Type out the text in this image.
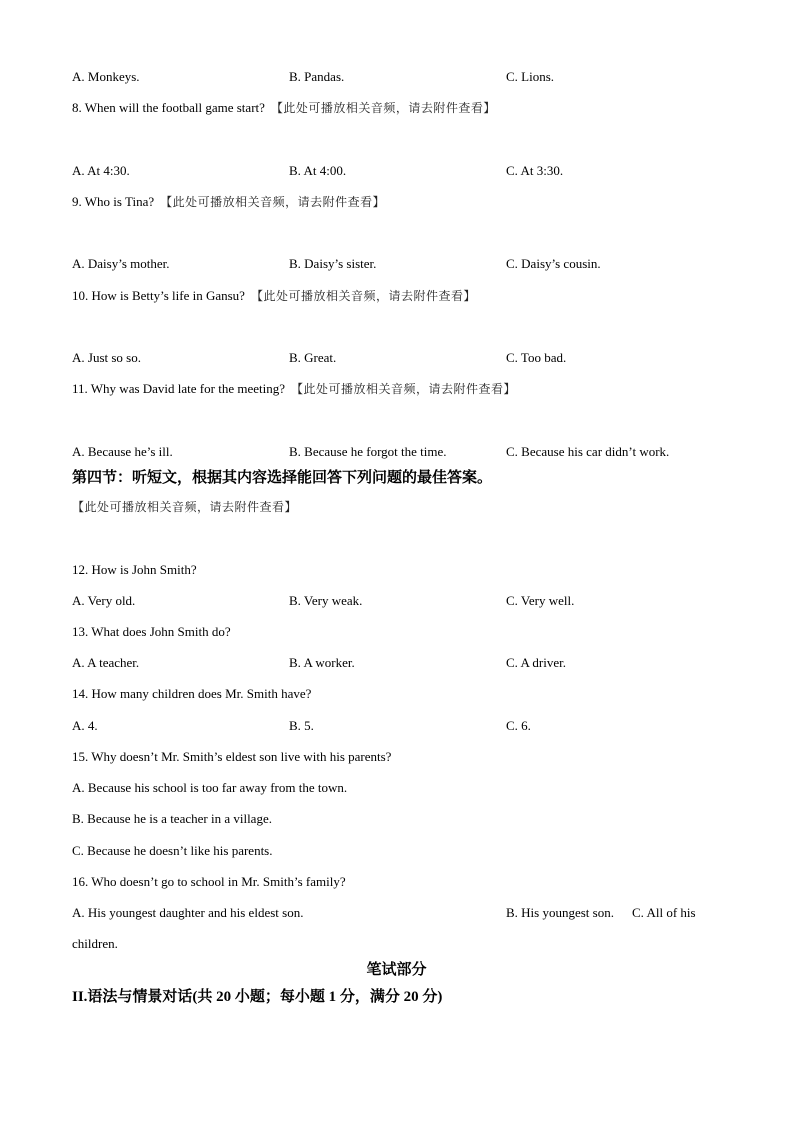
A. Monkeys.	B. Pandas.	C. Lions.
8. When will the football game start? 【此处可播放相关音频，请去附件查看】
A. At 4:30.	B. At 4:00.	C. At 3:30.
9. Who is Tina? 【此处可播放相关音频，请去附件查看】
A. Daisy’s mother.	B. Daisy’s sister.	C. Daisy’s cousin.
10. How is Betty’s life in Gansu? 【此处可播放相关音频，请去附件查看】
A. Just so so.	B. Great.	C. Too bad.
11. Why was David late for the meeting? 【此处可播放相关音频，请去附件查看】
A. Because he’s ill.	B. Because he forgot the time.	C. Because his car didn’t work.
第四节：听短文，根据其内容选择能回答下列问题的最佳答案。
【此处可播放相关音频，请去附件查看】
12. How is John Smith?
A. Very old.	B. Very weak.	C. Very well.
13. What does John Smith do?
A. A teacher.	B. A worker.	C. A driver.
14. How many children does Mr. Smith have?
A. 4.	B. 5.	C. 6.
15. Why doesn’t Mr. Smith’s eldest son live with his parents?
A. Because his school is too far away from the town.
B. Because he is a teacher in a village.
C. Because he doesn’t like his parents.
16. Who doesn’t go to school in Mr. Smith’s family?
A. His youngest daughter and his eldest son.	B. His youngest son. C. All of his
children.
笔试部分
II.语法与情景对话(共 20 小题；每小题 1 分，满分 20 分)
